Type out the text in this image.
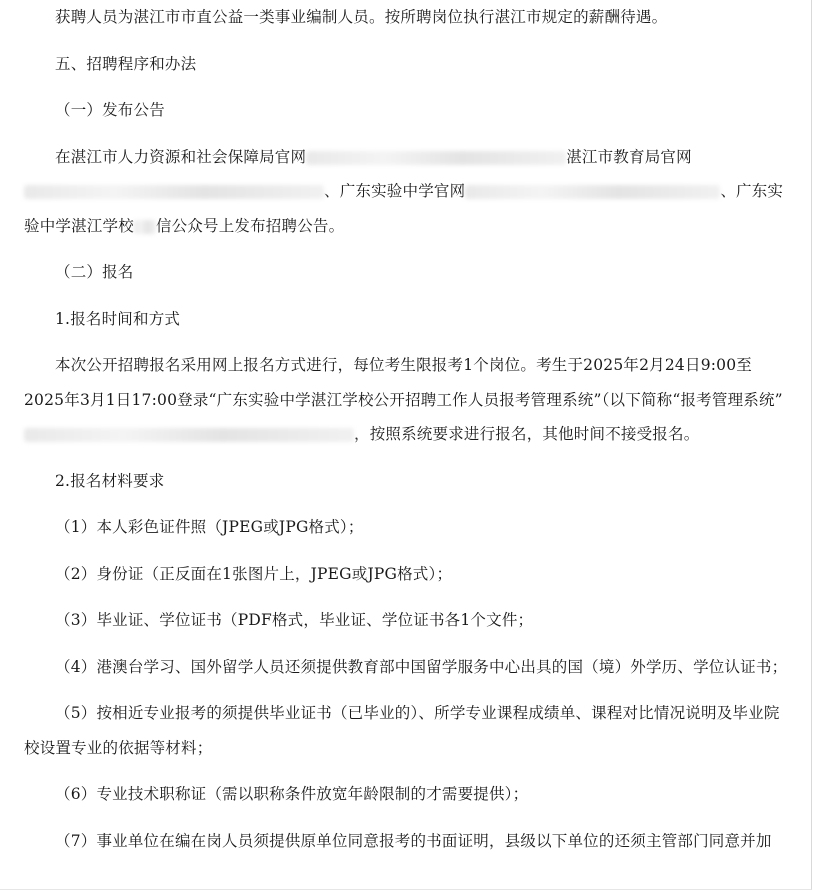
获聘人员为湛江市市直公益一类事业编制人员。按所聘岗位执行湛江市规定的薪酬待遇。

五、招聘程序和办法

（一）发布公告

在湛江市人力资源和社会保障局官网	湛江市教育局官网、广东实验中学官网	、广东实验中学湛江学校 信公众号上发布招聘公告。

（二）报名

1.报名时间和方式

本次公开招聘报名采用网上报名方式进行，每位考生限报考1个岗位。考生于2025年2月24日9:00至2025年3月1日17:00登录“广东实验中学湛江学校公开招聘工作人员报考管理系统”（以下简称“报考管理系统”，按照系统要求进行报名，其他时间不接受报名。

2.报名材料要求

（1）本人彩色证件照（JPEG或JPG格式）；

（2）身份证（正反面在1张图片上，JPEG或JPG格式）；

（3）毕业证、学位证书（PDF格式，毕业证、学位证书各1个文件；

（4）港澳台学习、国外留学人员还须提供教育部中国留学服务中心出具的国（境）外学历、学位认证书；

（5）按相近专业报考的须提供毕业证书（已毕业的）、所学专业课程成绩单、课程对比情况说明及毕业院校设置专业的依据等材料；

（6）专业技术职称证（需以职称条件放宽年龄限制的才需要提供）；

（7）事业单位在编在岗人员须提供原单位同意报考的书面证明，县级以下单位的还须主管部门同意并加
